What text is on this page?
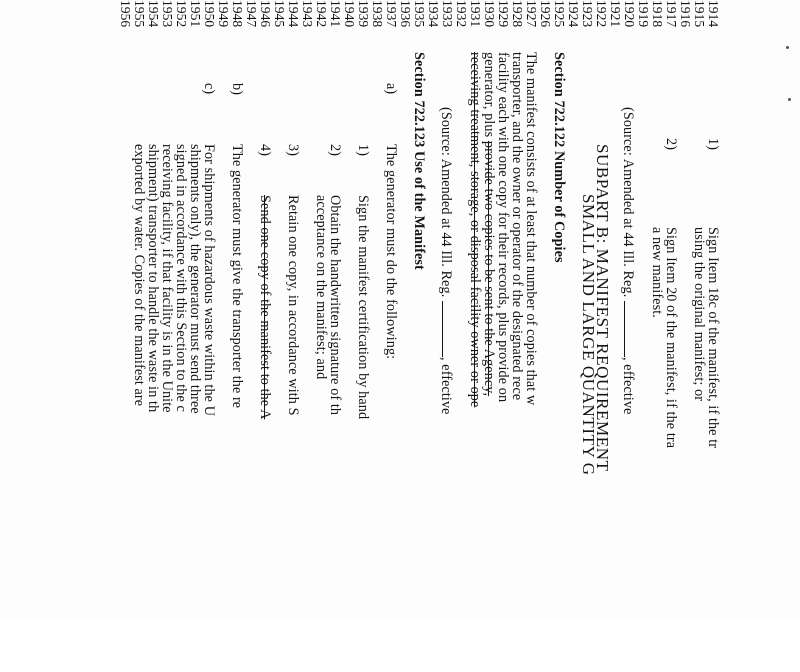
1914
1915
1916
1917
1918
1919
1920
1921
1922
1923
1924
1925
1926
1927
1928
1929
1930
1931
1932
1933
1934
1935
1936
1937
1938
1939
1940
1941
1942
1943
1944
1945
1946
1947
1948
1949
1950
1951
1952
1953
1954
1955
1956
1)
Sign Item 18c of the manifest, if the tr
using the original manifest; or
2)
Sign Item 20 of the manifest, if the tra
a new manifest.
(Source: Amended at 44 Ill. Reg. , effective
SUBPART B: MANIFEST REQUIREMENT
SMALL AND LARGE QUANTITY G
Section 722.122 Number of Copies
The manifest consists of at least that number of copies that w
transporter, and the owner or operator of the designated rece
facility each with one copy for their records, plus provide on
generator, plus provide two copies to be sent to the Agency,
receiving treatment, storage, or disposal facility owner or ope
(Source: Amended at 44 Ill. Reg. , effective
Section 722.123 Use of the Manifest
a)
The generator must do the following:
1)
Sign the manifest certification by hand
2)
Obtain the handwritten signature of th
acceptance on the manifest; and
3)
Retain one copy, in accordance with S
4)
Send one copy of the manifest to the A
b)
The generator must give the transporter the re
c)
For shipments of hazardous waste within the U
shipments only), the generator must send three
signed in accordance with this Section to the c
receiving facility, if that facility is in the Unite
shipment) transporter to handle the waste in th
exported by water. Copies of the manifest are
